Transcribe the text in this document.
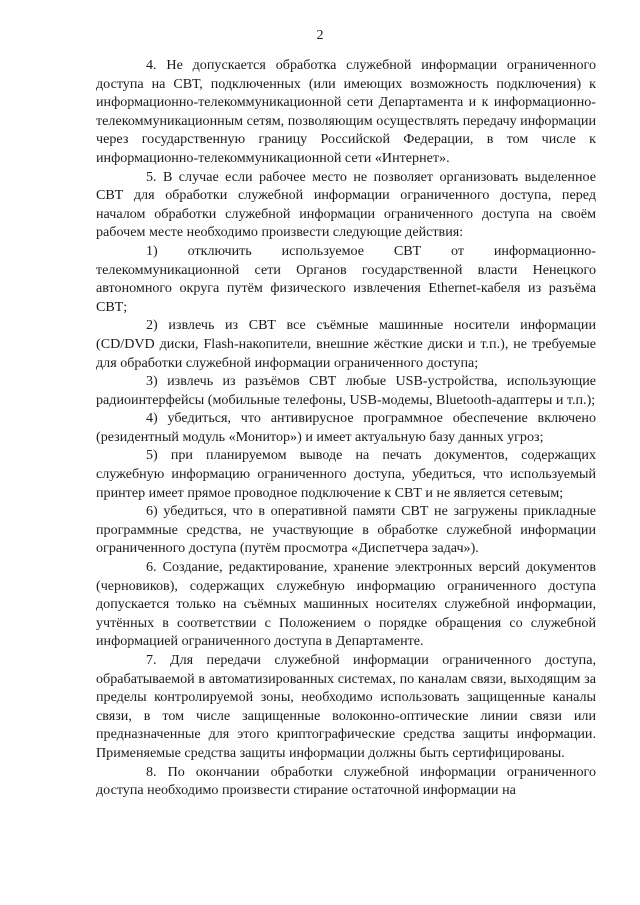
2

4. Не допускается обработка служебной информации ограниченного доступа на СВТ, подключенных (или имеющих возможность подключения) к информационно-телекоммуникационной сети Департамента и к информационно-телекоммуникационным сетям, позволяющим осуществлять передачу информации через государственную границу Российской Федерации, в том числе к информационно-телекоммуникационной сети «Интернет».

5. В случае если рабочее место не позволяет организовать выделенное СВТ для обработки служебной информации ограниченного доступа, перед началом обработки служебной информации ограниченного доступа на своём рабочем месте необходимо произвести следующие действия:

1) отключить используемое СВТ от информационно-телекоммуникационной сети Органов государственной власти Ненецкого автономного округа путём физического извлечения Ethernet-кабеля из разъёма СВТ;

2) извлечь из СВТ все съёмные машинные носители информации (CD/DVD диски, Flash-накопители, внешние жёсткие диски и т.п.), не требуемые для обработки служебной информации ограниченного доступа;

3) извлечь из разъёмов СВТ любые USB-устройства, использующие радиоинтерфейсы (мобильные телефоны, USB-модемы, Bluetooth-адаптеры и т.п.);

4) убедиться, что антивирусное программное обеспечение включено (резидентный модуль «Монитор») и имеет актуальную базу данных угроз;

5) при планируемом выводе на печать документов, содержащих служебную информацию ограниченного доступа, убедиться, что используемый принтер имеет прямое проводное подключение к СВТ и не является сетевым;

6) убедиться, что в оперативной памяти СВТ не загружены прикладные программные средства, не участвующие в обработке служебной информации ограниченного доступа (путём просмотра «Диспетчера задач»).

6. Создание, редактирование, хранение электронных версий документов (черновиков), содержащих служебную информацию ограниченного доступа допускается только на съёмных машинных носителях служебной информации, учтённых в соответствии с Положением о порядке обращения со служебной информацией ограниченного доступа в Департаменте.

7. Для передачи служебной информации ограниченного доступа, обрабатываемой в автоматизированных системах, по каналам связи, выходящим за пределы контролируемой зоны, необходимо использовать защищенные каналы связи, в том числе защищенные волоконно-оптические линии связи или предназначенные для этого криптографические средства защиты информации. Применяемые средства защиты информации должны быть сертифицированы.

8. По окончании обработки служебной информации ограниченного доступа необходимо произвести стирание остаточной информации на
